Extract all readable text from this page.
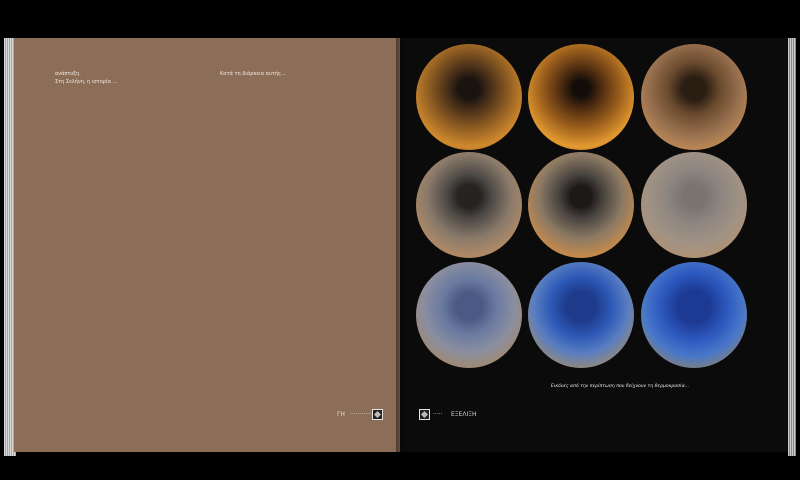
ανάπτυξη.
Στη Σελήνη, η ιστορία ...
Κατά τη διάρκεια αυτής...
ΓΗ ···········
1	2	3
4	5	6
7	8	9
Εικόνες από την περίπτωση που δείχνουν τη θερμοκρασία...
····· ΕΞΕΛΙΞΗ
